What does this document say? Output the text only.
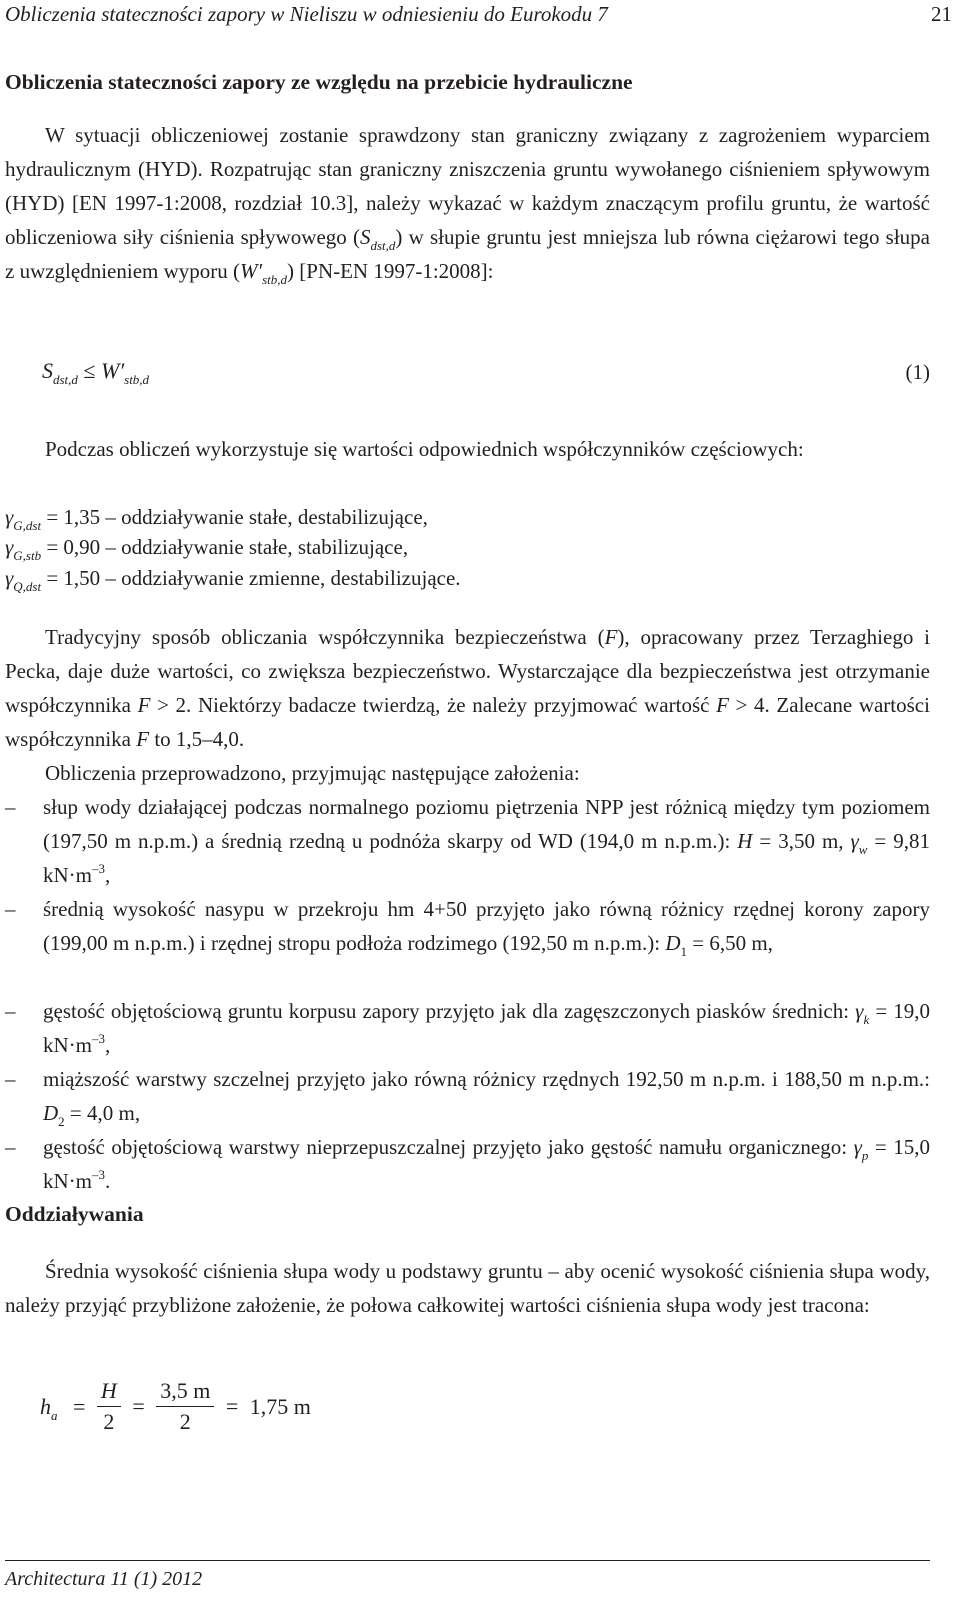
Obliczenia stateczności zapory w Nieliszu w odniesieniu do Eurokodu 7	21
Obliczenia stateczności zapory ze względu na przebicie hydrauliczne

W sytuacji obliczeniowej zostanie sprawdzony stan graniczny związany z zagrożeniem wyparciem hydraulicznym (HYD). Rozpatrując stan graniczny zniszczenia gruntu wywołanego ciśnieniem spływowym (HYD) [EN 1997-1:2008, rozdział 10.3], należy wykazać w każdym znaczącym profilu gruntu, że wartość obliczeniowa siły ciśnienia spływowego $(S_{dst,d})$ w słupie gruntu jest mniejsza lub równa ciężarowi tego słupa z uwzględnieniem wyporu $(W'_{stb,d})$ [PN-EN 1997-1:2008]:

$S_{dst,d} \le W'_{stb,d}$	(1)

Podczas obliczeń wykorzystuje się wartości odpowiednich współczynników częściowych:

$\gamma_{G,dst} = 1,35$ – oddziaływanie stałe, destabilizujące,
$\gamma_{G,stb} = 0,90$ – oddziaływanie stałe, stabilizujące,
$\gamma_{Q,dst} = 1,50$ – oddziaływanie zmienne, destabilizujące.

Tradycyjny sposób obliczania współczynnika bezpieczeństwa (F), opracowany przez Terzaghiego i Pecka, daje duże wartości, co zwiększa bezpieczeństwo. Wystarczające dla bezpieczeństwa jest otrzymanie współczynnika F > 2. Niektórzy badacze twierdzą, że należy przyjmować wartość F > 4. Zalecane wartości współczynnika F to 1,5–4,0.

Obliczenia przeprowadzono, przyjmując następujące założenia:
– słup wody działającej podczas normalnego poziomu piętrzenia NPP jest różnicą między tym poziomem (197,50 m n.p.m.) a średnią rzedną u podnóża skarpy od WD (194,0 m n.p.m.): H = 3,50 m, $\gamma_w = 9,81$ $kN\cdot m^{-3}$,
– średnią wysokość nasypu w przekroju hm 4+50 przyjęto jako równą różnicy rzędnej korony zapory (199,00 m n.p.m.) i rzędnej stropu podłoża rodzimego (192,50 m n.p.m.): $D_1 = 6,50$ m,
– gęstość objętościową gruntu korpusu zapory przyjęto jak dla zagęszczonych piasków średnich: $\gamma_k = 19,0$ $kN\cdot m^{-3}$,
– miąższość warstwy szczelnej przyjęto jako równą różnicy rzędnych 192,50 m n.p.m. i 188,50 m n.p.m.: $D_2 = 4,0$ m,
– gęstość objętościową warstwy nieprzepuszczalnej przyjęto jako gęstość namułu organicznego: $\gamma_p = 15,0$ $kN\cdot m^{-3}$.
Oddziaływania

Średnia wysokość ciśnienia słupa wody u podstawy gruntu – aby ocenić wysokość ciśnienia słupa wody, należy przyjąć przybliżone założenie, że połowa całkowitej wartości ciśnienia słupa wody jest tracona:

$h_a = \frac{H}{2} = \frac{3,5 m}{2} = 1,75$ m
Architectura 11 (1) 2012
